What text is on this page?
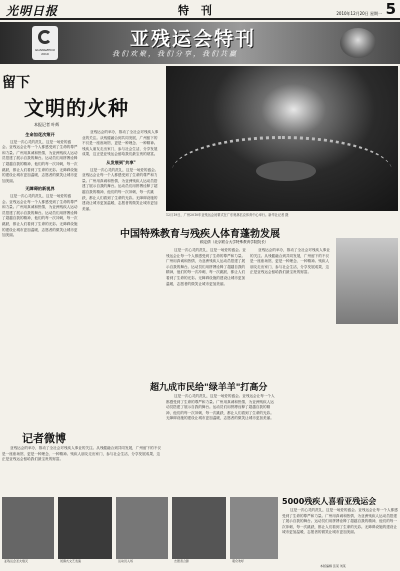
光明日报	特 刊	2010年12月20日 星期一 5
GUANGZHOU 2010
亚残运会特刊
我们欢聚，我们分享，我们共赢
留下
文明的火种
本报记者 叶辉
生命如花次第开

这是一次心灵的洗礼，这是一场爱的盛会。亚残运会让每一个人都感受到了生命的尊严和力量。广州用真诚和热情，为亚洲残疾人运动员搭建了展示自我的舞台。运动员们用拼搏诠释了超越自我的精神，他们的每一次冲刺，每一次跳跃，都让人们看到了生命的光彩。无障碍设施的建设让城市更加温暖，志愿者的微笑让城市更加美丽。

无障碍的新视界

这是一次心灵的洗礼，这是一场爱的盛会。亚残运会让每一个人都感受到了生命的尊严和力量。广州用真诚和热情，为亚洲残疾人运动员搭建了展示自我的舞台。运动员们用拼搏诠释了超越自我的精神，他们的每一次冲刺，每一次跳跃，都让人们看到了生命的光彩。无障碍设施的建设让城市更加温暖，志愿者的微笑让城市更加美丽。

亚残运会的举办，推动了全社会对残疾人事业的关注。从残健融合到共同发展，广州留下的不仅是一座座场馆，更是一种理念、一种精神。残疾人朋友走出家门，参与社会生活，分享发展成果，这正是亚残运会留给我们最宝贵的财富。

从发展到"共享"

这是一次心灵的洗礼，这是一场爱的盛会。亚残运会让每一个人都感受到了生命的尊严和力量。广州用真诚和热情，为亚洲残疾人运动员搭建了展示自我的舞台。运动员们用拼搏诠释了超越自我的精神，他们的每一次冲刺，每一次跳跃，都让人们看到了生命的光彩。无障碍设施的建设让城市更加温暖，志愿者的微笑让城市更加美丽。

12月19日，广州2010年亚残运会闭幕式在广东奥林匹克体育中心举行。新华社记者 摄
中国特殊教育与残疾人体育蓬勃发展
顾定倩（北京联合大学特殊教育学院院长）

这是一次心灵的洗礼，这是一场爱的盛会。亚残运会让每一个人都感受到了生命的尊严和力量。广州用真诚和热情，为亚洲残疾人运动员搭建了展示自我的舞台。运动员们用拼搏诠释了超越自我的精神，他们的每一次冲刺，每一次跳跃，都让人们看到了生命的光彩。无障碍设施的建设让城市更加温暖，志愿者的微笑让城市更加美丽。

亚残运会的举办，推动了全社会对残疾人事业的关注。从残健融合到共同发展，广州留下的不仅是一座座场馆，更是一种理念、一种精神。残疾人朋友走出家门，参与社会生活，分享发展成果，这正是亚残运会留给我们最宝贵的财富。

超九成市民给"绿羊羊"打高分

这是一次心灵的洗礼，这是一场爱的盛会。亚残运会让每一个人都感受到了生命的尊严和力量。广州用真诚和热情，为亚洲残疾人运动员搭建了展示自我的舞台。运动员们用拼搏诠释了超越自我的精神，他们的每一次冲刺，每一次跳跃，都让人们看到了生命的光彩。无障碍设施的建设让城市更加温暖，志愿者的微笑让城市更加美丽。

记者微博

亚残运会的举办，推动了全社会对残疾人事业的关注。从残健融合到共同发展，广州留下的不仅是一座座场馆，更是一种理念、一种精神。残疾人朋友走出家门，参与社会生活，分享发展成果，这正是亚残运会留给我们最宝贵的财富。

5000残疾人喜看亚残运会

这是一次心灵的洗礼，这是一场爱的盛会。亚残运会让每一个人都感受到了生命的尊严和力量。广州用真诚和热情，为亚洲残疾人运动员搭建了展示自我的舞台。运动员们用拼搏诠释了超越自我的精神，他们的每一次冲刺，每一次跳跃，都让人们看到了生命的光彩。无障碍设施的建设让城市更加温暖，志愿者的微笑让城市更加美丽。

亚残运会圣火熄灭	闭幕式文艺表演	运动员入场	志愿者合影	观众欢呼
本版编辑 张某 刘某
